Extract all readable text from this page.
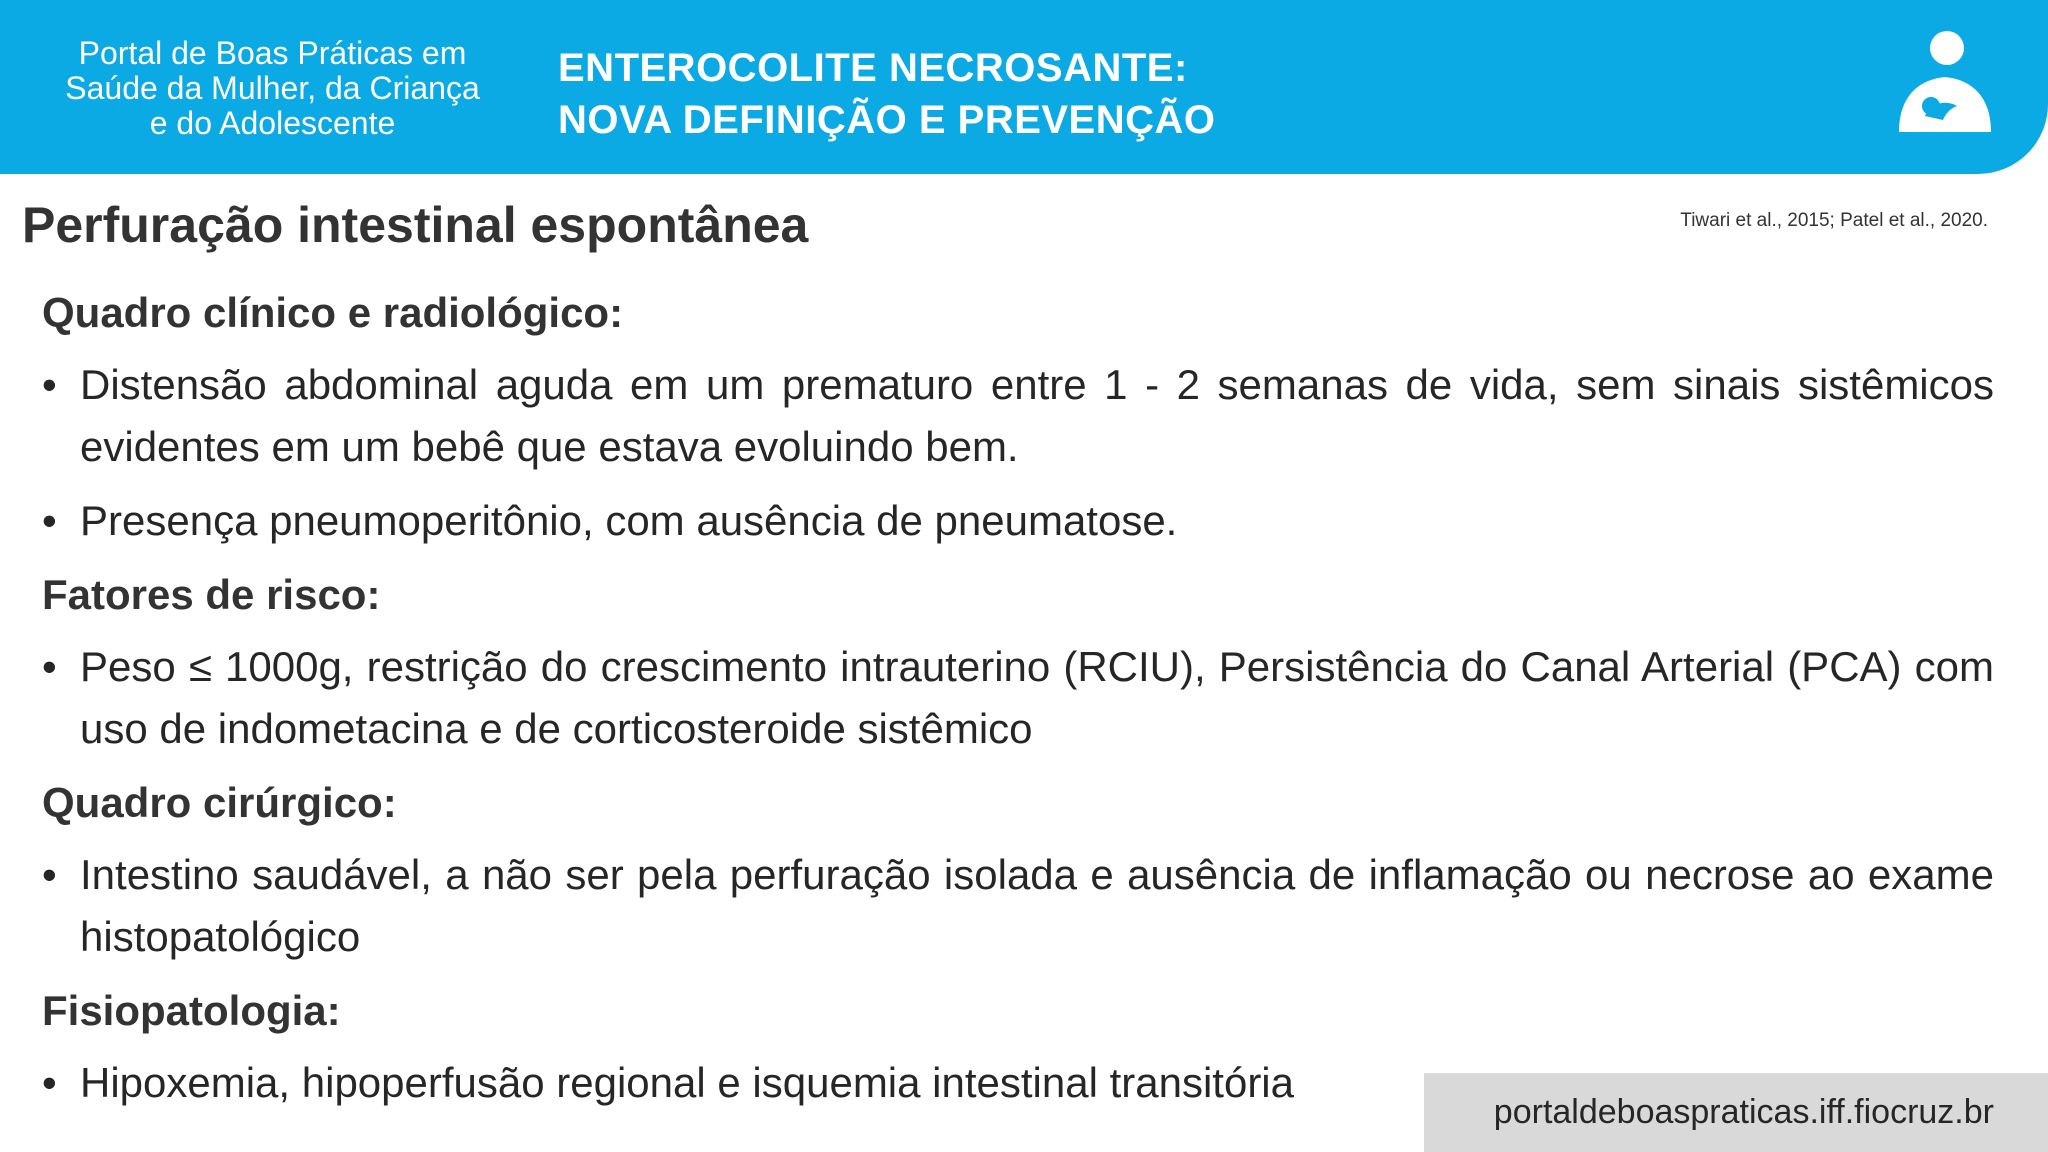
Portal de Boas Práticas em
Saúde da Mulher, da Criança
e do Adolescente
ENTEROCOLITE NECROSANTE:
NOVA DEFINIÇÃO E PREVENÇÃO
Perfuração intestinal espontânea	Tiwari et al., 2015; Patel et al., 2020.
Quadro clínico e radiológico:
• Distensão abdominal aguda em um prematuro entre 1 - 2 semanas de vida, sem sinais sistêmicos evidentes em um bebê que estava evoluindo bem.
• Presença pneumoperitônio, com ausência de pneumatose.
Fatores de risco:
• Peso ≤ 1000g, restrição do crescimento intrauterino (RCIU), Persistência do Canal Arterial (PCA) com uso de indometacina e de corticosteroide sistêmico
Quadro cirúrgico:
• Intestino saudável, a não ser pela perfuração isolada e ausência de inflamação ou necrose ao exame histopatológico
Fisiopatologia:
• Hipoxemia, hipoperfusão regional e isquemia intestinal transitória
portaldeboaspraticas.iff.fiocruz.br
